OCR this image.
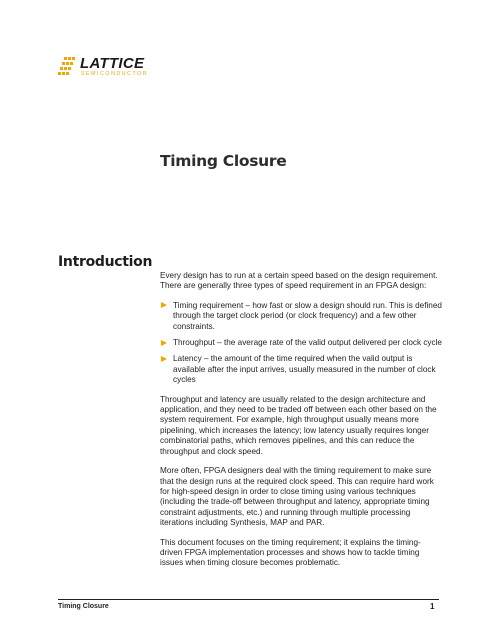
LATTICE
SEMICONDUCTOR
Timing Closure
Introduction

Every design has to run at a certain speed based on the design requirement. There are generally three types of speed requirement in an FPGA design:

Timing requirement – how fast or slow a design should run. This is defined through the target clock period (or clock frequency) and a few other constraints.
Throughput – the average rate of the valid output delivered per clock cycle
Latency – the amount of the time required when the valid output is available after the input arrives, usually measured in the number of clock cycles

Throughput and latency are usually related to the design architecture and application, and they need to be traded off between each other based on the system requirement. For example, high throughput usually means more pipelining, which increases the latency; low latency usually requires longer combinatorial paths, which removes pipelines, and this can reduce the throughput and clock speed.

More often, FPGA designers deal with the timing requirement to make sure that the design runs at the required clock speed. This can require hard work for high-speed design in order to close timing using various techniques (including the trade-off between throughput and latency, appropriate timing constraint adjustments, etc.) and running through multiple processing iterations including Synthesis, MAP and PAR.

This document focuses on the timing requirement; it explains the timing-driven FPGA implementation processes and shows how to tackle timing issues when timing closure becomes problematic.

Timing Closure	1
